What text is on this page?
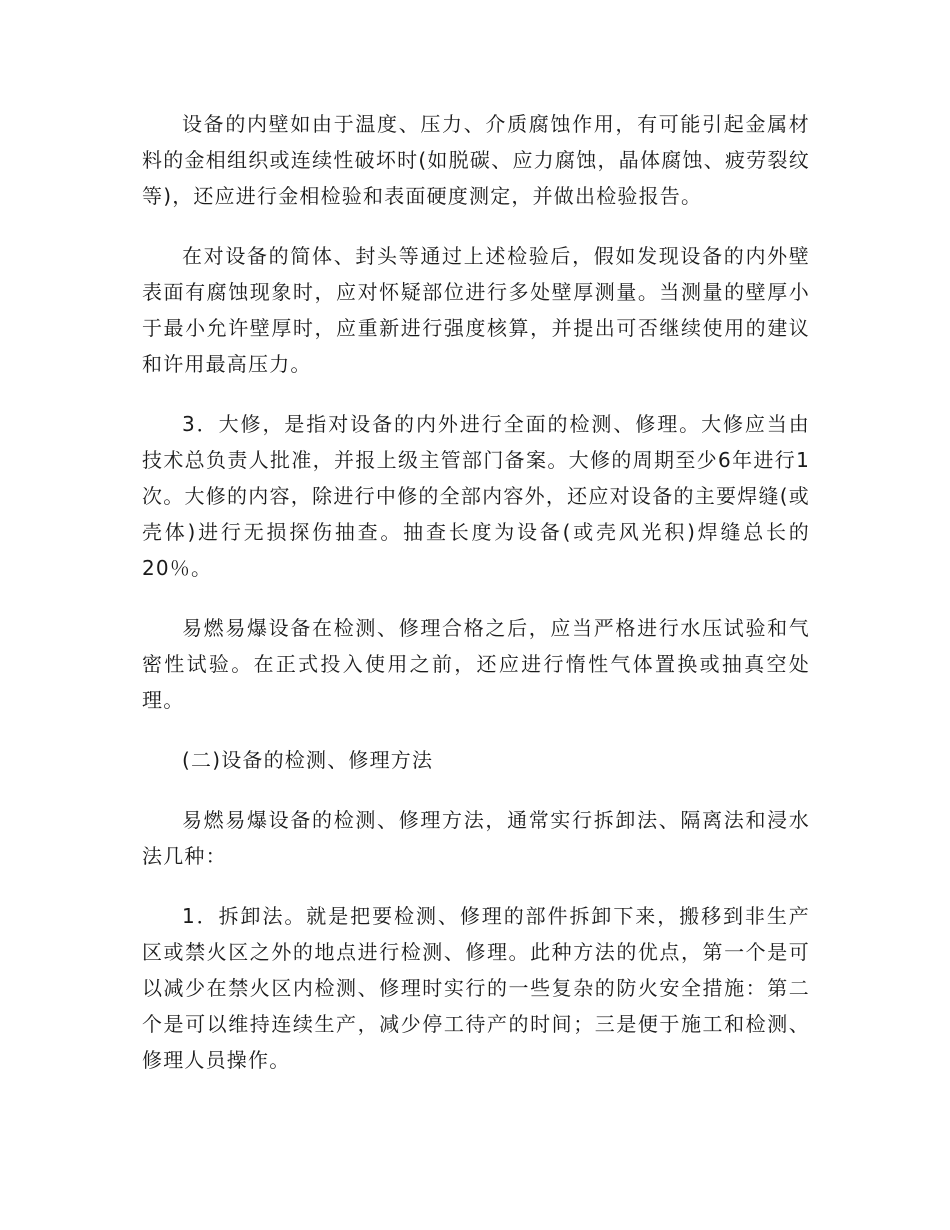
设备的内壁如由于温度、压力、介质腐蚀作用，有可能引起金属材料的金相组织或连续性破坏时(如脱碳、应力腐蚀，晶体腐蚀、疲劳裂纹等)，还应进行金相检验和表面硬度测定，并做出检验报告。

在对设备的简体、封头等通过上述检验后，假如发现设备的内外壁表面有腐蚀现象时，应对怀疑部位进行多处壁厚测量。当测量的壁厚小于最小允许壁厚时，应重新进行强度核算，并提出可否继续使用的建议和许用最高压力。

3．大修，是指对设备的内外进行全面的检测、修理。大修应当由技术总负责人批准，并报上级主管部门备案。大修的周期至少6年进行1次。大修的内容，除进行中修的全部内容外，还应对设备的主要焊缝(或壳体)进行无损探伤抽查。抽查长度为设备(或壳风光积)焊缝总长的20％。

易燃易爆设备在检测、修理合格之后，应当严格进行水压试验和气密性试验。在正式投入使用之前，还应进行惰性气体置换或抽真空处理。

(二)设备的检测、修理方法

易燃易爆设备的检测、修理方法，通常实行拆卸法、隔离法和浸水法几种：

1．拆卸法。就是把要检测、修理的部件拆卸下来，搬移到非生产区或禁火区之外的地点进行检测、修理。此种方法的优点，第一个是可以减少在禁火区内检测、修理时实行的一些复杂的防火安全措施：第二个是可以维持连续生产，减少停工待产的时间；三是便于施工和检测、修理人员操作。
